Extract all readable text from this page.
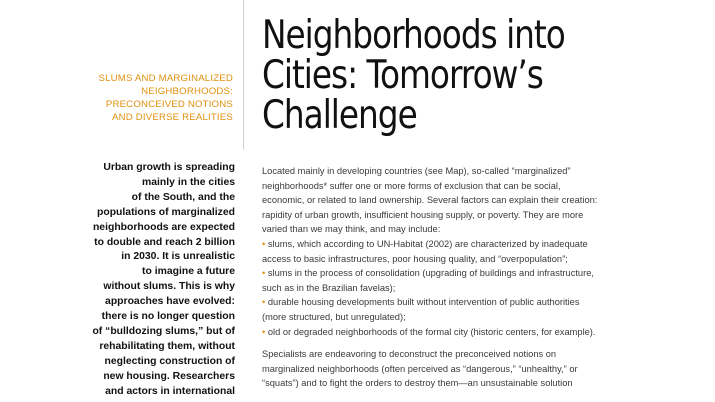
Neighborhoods into
Cities: Tomorrow’s
Challenge
SLUMS AND MARGINALIZED
NEIGHBORHOODS:
PRECONCEIVED NOTIONS
AND DIVERSE REALITIES
Urban growth is spreading
mainly in the cities
of the South, and the
populations of marginalized
neighborhoods are expected
to double and reach 2 billion
in 2030. It is unrealistic
to imagine a future
without slums. This is why
approaches have evolved:
there is no longer question
of “bulldozing slums,” but of
rehabilitating them, without
neglecting construction of
new housing. Researchers
and actors in international
Located mainly in developing countries (see Map), so-called “marginalized”
neighborhoods* suffer one or more forms of exclusion that can be social,
economic, or related to land ownership. Several factors can explain their creation:
rapidity of urban growth, insufficient housing supply, or poverty. They are more
varied than we may think, and may include:
• slums, which according to UN-Habitat (2002) are characterized by inadequate
access to basic infrastructures, poor housing quality, and “overpopulation”;
• slums in the process of consolidation (upgrading of buildings and infrastructure,
such as in the Brazilian favelas);
• durable housing developments built without intervention of public authorities
(more structured, but unregulated);
• old or degraded neighborhoods of the formal city (historic centers, for example).
Specialists are endeavoring to deconstruct the preconceived notions on
marginalized neighborhoods (often perceived as “dangerous,” “unhealthy,” or
“squats”) and to fight the orders to destroy them—an unsustainable solution
